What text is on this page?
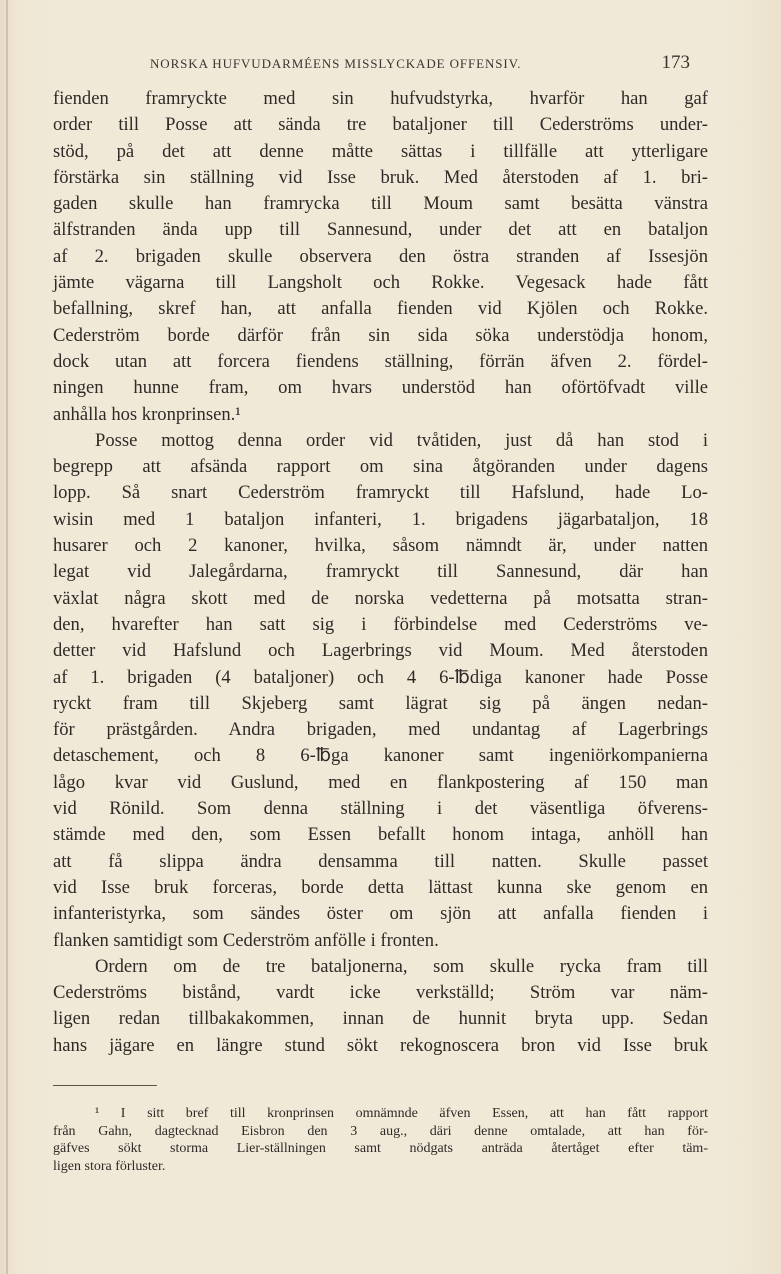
NORSKA HUFVUDARMÉENS MISSLYCKADE OFFENSIV.	173
fienden framryckte med sin hufvudstyrka, hvarför han gaf
order till Posse att sända tre bataljoner till Cederströms under-
stöd, på det att denne måtte sättas i tillfälle att ytterligare
förstärka sin ställning vid Isse bruk. Med återstoden af 1. bri-
gaden skulle han framrycka till Moum samt besätta vänstra
älfstranden ända upp till Sannesund, under det att en bataljon
af 2. brigaden skulle observera den östra stranden af Issesjön
jämte vägarna till Langsholt och Rokke. Vegesack hade fått
befallning, skref han, att anfalla fienden vid Kjölen och Rokke.
Cederström borde därför från sin sida söka understödja honom,
dock utan att forcera fiendens ställning, förrän äfven 2. fördel-
ningen hunne fram, om hvars understöd han oförtöfvadt ville
anhålla hos kronprinsen.¹
Posse mottog denna order vid tvåtiden, just då han stod i
begrepp att afsända rapport om sina åtgöranden under dagens
lopp. Så snart Cederström framryckt till Hafslund, hade Lo-
wisin med 1 bataljon infanteri, 1. brigadens jägarbataljon, 18
husarer och 2 kanoner, hvilka, såsom nämndt är, under natten
legat vid Jalegårdarna, framryckt till Sannesund, där han
växlat några skott med de norska vedetterna på motsatta stran-
den, hvarefter han satt sig i förbindelse med Cederströms ve-
detter vid Hafslund och Lagerbrings vid Moum. Med återstoden
af 1. brigaden (4 bataljoner) och 4 6-℔diga kanoner hade Posse
ryckt fram till Skjeberg samt lägrat sig på ängen nedan-
för prästgården. Andra brigaden, med undantag af Lagerbrings
detaschement, och 8 6-℔ga kanoner samt ingeniörkompanierna
lågo kvar vid Guslund, med en flankpostering af 150 man
vid Rönild. Som denna ställning i det väsentliga öfverens-
stämde med den, som Essen befallt honom intaga, anhöll han
att få slippa ändra densamma till natten. Skulle passet
vid Isse bruk forceras, borde detta lättast kunna ske genom en
infanteristyrka, som sändes öster om sjön att anfalla fienden i
flanken samtidigt som Cederström anfölle i fronten.
Ordern om de tre bataljonerna, som skulle rycka fram till
Cederströms bistånd, vardt icke verkställd; Ström var näm-
ligen redan tillbakakommen, innan de hunnit bryta upp. Sedan
hans jägare en längre stund sökt rekognoscera bron vid Isse bruk
¹ I sitt bref till kronprinsen omnämnde äfven Essen, att han fått rapport
från Gahn, dagtecknad Eisbron den 3 aug., däri denne omtalade, att han för-
gäfves sökt storma Lier-ställningen samt nödgats anträda återtåget efter täm-
ligen stora förluster.
